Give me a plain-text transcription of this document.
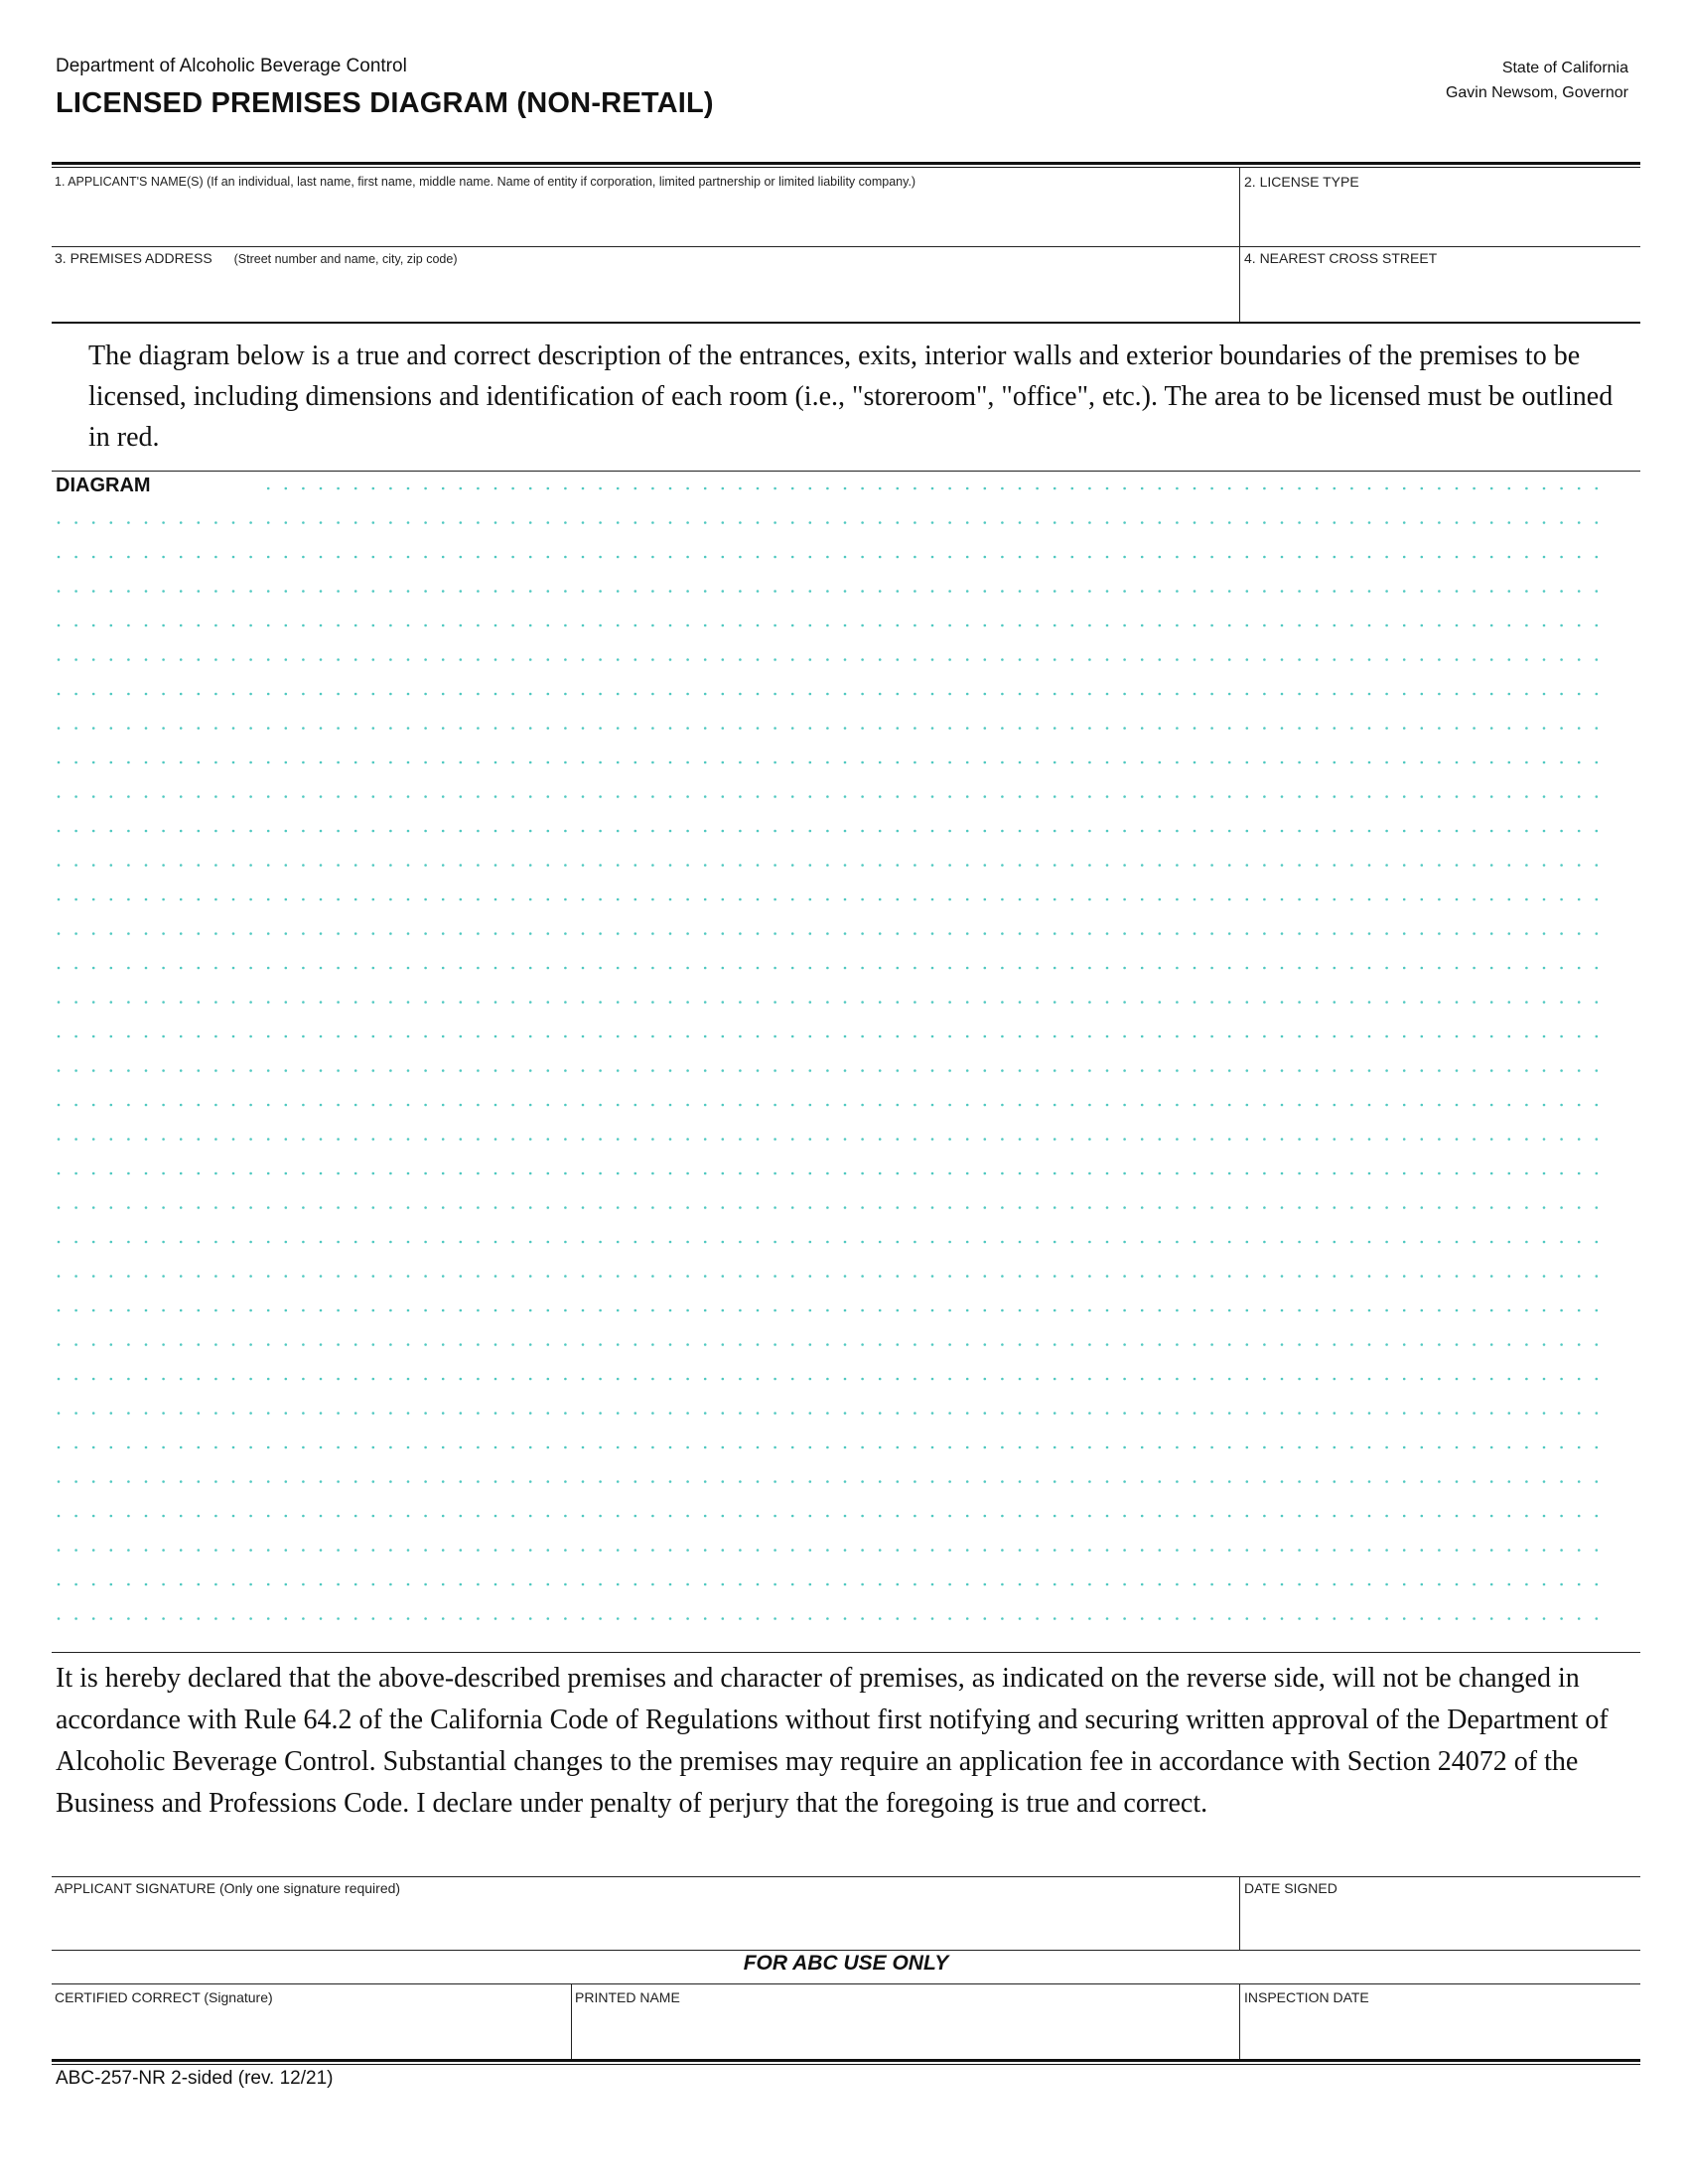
Department of Alcoholic Beverage Control
LICENSED PREMISES DIAGRAM (NON-RETAIL)
State of California
Gavin Newsom, Governor
1. APPLICANT'S NAME(S) (If an individual, last name, first name, middle name. Name of entity if corporation, limited partnership or limited liability company.)	2. LICENSE TYPE
3. PREMISES ADDRESS (Street number and name, city, zip code)	4. NEAREST CROSS STREET
The diagram below is a true and correct description of the entrances, exits, interior walls and exterior boundaries of the premises to be licensed, including dimensions and identification of each room (i.e., "storeroom", "office", etc.). The area to be licensed must be outlined in red.
DIAGRAM
It is hereby declared that the above-described premises and character of premises, as indicated on the reverse side, will not be changed in accordance with Rule 64.2 of the California Code of Regulations without first notifying and securing written approval of the Department of Alcoholic Beverage Control. Substantial changes to the premises may require an application fee in accordance with Section 24072 of the Business and Professions Code. I declare under penalty of perjury that the foregoing is true and correct.
APPLICANT SIGNATURE (Only one signature required)	DATE SIGNED
FOR ABC USE ONLY
CERTIFIED CORRECT (Signature)	PRINTED NAME	INSPECTION DATE
ABC-257-NR 2-sided (rev. 12/21)
